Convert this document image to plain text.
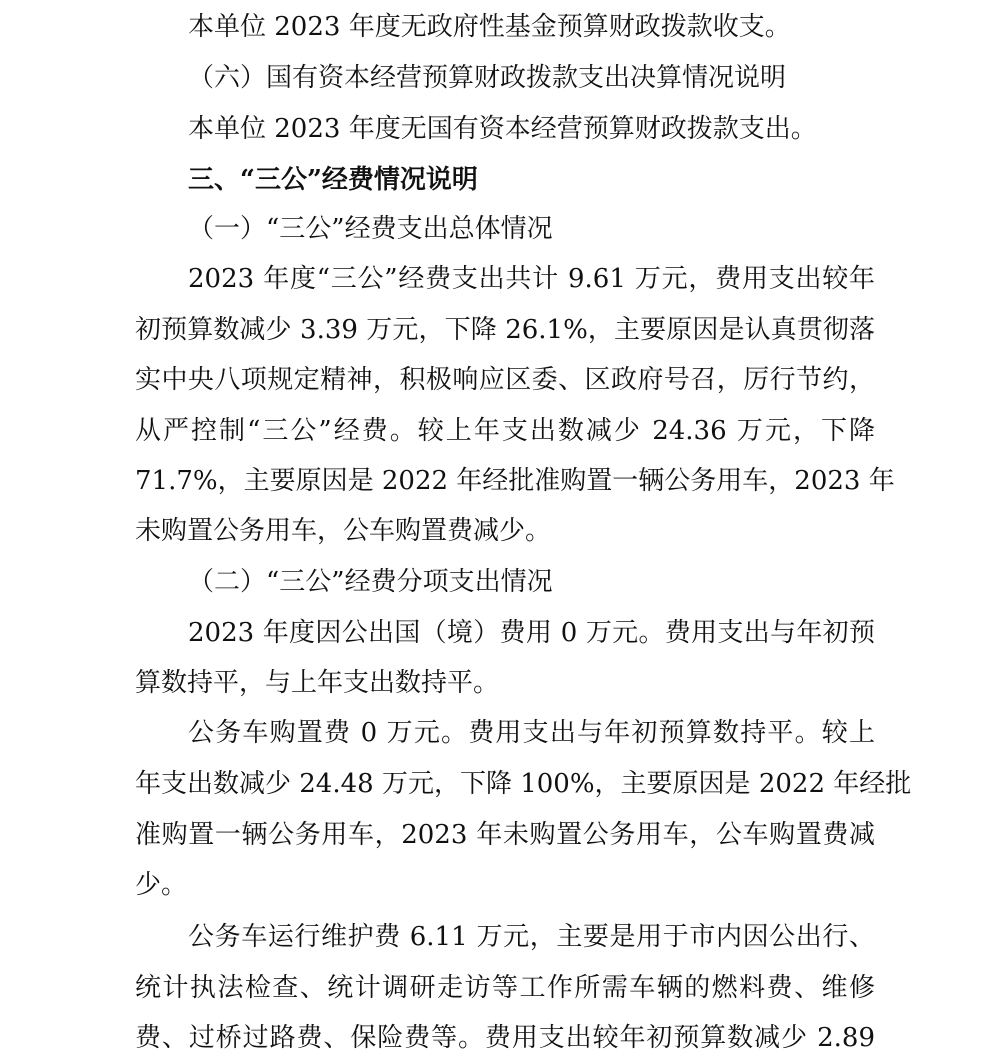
本单位 2023 年度无政府性基金预算财政拨款收支。
（六）国有资本经营预算财政拨款支出决算情况说明
本单位 2023 年度无国有资本经营预算财政拨款支出。
三、“三公”经费情况说明
（一）“三公”经费支出总体情况
2023 年度“三公”经费支出共计 9.61 万元，费用支出较年
初预算数减少 3.39 万元，下降 26.1%，主要原因是认真贯彻落
实中央八项规定精神，积极响应区委、区政府号召，厉行节约，
从严控制“三公”经费。较上年支出数减少 24.36 万元，下降
71.7%，主要原因是 2022 年经批准购置一辆公务用车，2023 年
未购置公务用车，公车购置费减少。
（二）“三公”经费分项支出情况
2023 年度因公出国（境）费用 0 万元。费用支出与年初预
算数持平，与上年支出数持平。
公务车购置费 0 万元。费用支出与年初预算数持平。较上
年支出数减少 24.48 万元，下降 100%，主要原因是 2022 年经批
准购置一辆公务用车，2023 年未购置公务用车，公车购置费减
少。
公务车运行维护费 6.11 万元，主要是用于市内因公出行、
统计执法检查、统计调研走访等工作所需车辆的燃料费、维修
费、过桥过路费、保险费等。费用支出较年初预算数减少 2.89
